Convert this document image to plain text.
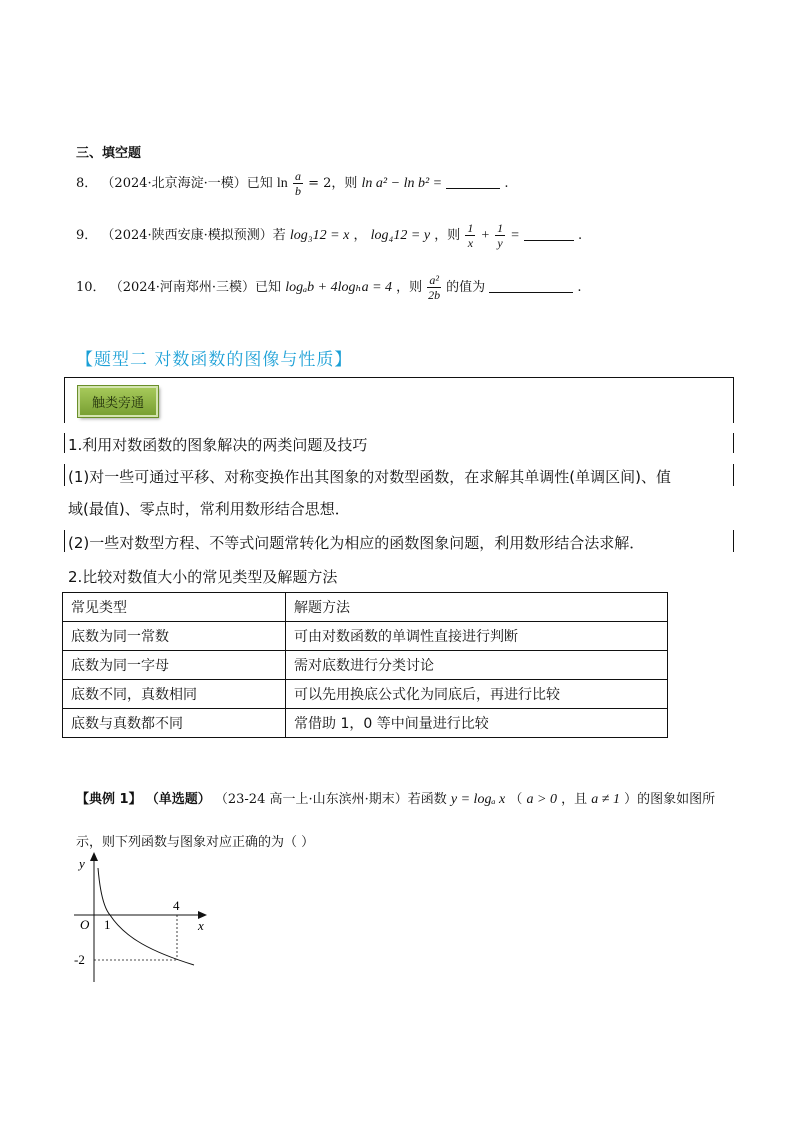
三、填空题
8． （2024·北京海淀·一模）已知 $\ln \frac{a}{b} = 2$，则 ln a² − ln b² =	.
9． （2024·陕西安康·模拟预测）若 log₃12 = x ， log₄12 = y ，则 $\frac{1}{x} + \frac{1}{y}$ =	.
10． （2024·河南郑州·三模）已知 logₐb + 4logₕa = 4 ，则 $\frac{\text{a²}}{2b}$ 的值为	.
【题型二 对数函数的图像与性质】
触类旁通
1.利用对数函数的图象解决的两类问题及技巧
(1)对一些可通过平移、对称变换作出其图象的对数型函数，在求解其单调性(单调区间)、值
域(最值)、零点时，常利用数形结合思想．
(2)一些对数型方程、不等式问题常转化为相应的函数图象问题，利用数形结合法求解．
2.比较对数值大小的常见类型及解题方法
常见类型	解题方法
底数为同一常数	可由对数函数的单调性直接进行判断
底数为同一字母	需对底数进行分类讨论
底数不同，真数相同	可以先用换底公式化为同底后，再进行比较
底数与真数都不同	常借助 1，0 等中间量进行比较
【典例 1】 （单选题） （23-24 高一上·山东滨州·期末）若函数 y = logₐ x （ a > 0 ，且 a ≠ 1 ）的图象如图所
示，则下列函数与图象对应正确的为（ ）
y
x
O 1
4
-2
